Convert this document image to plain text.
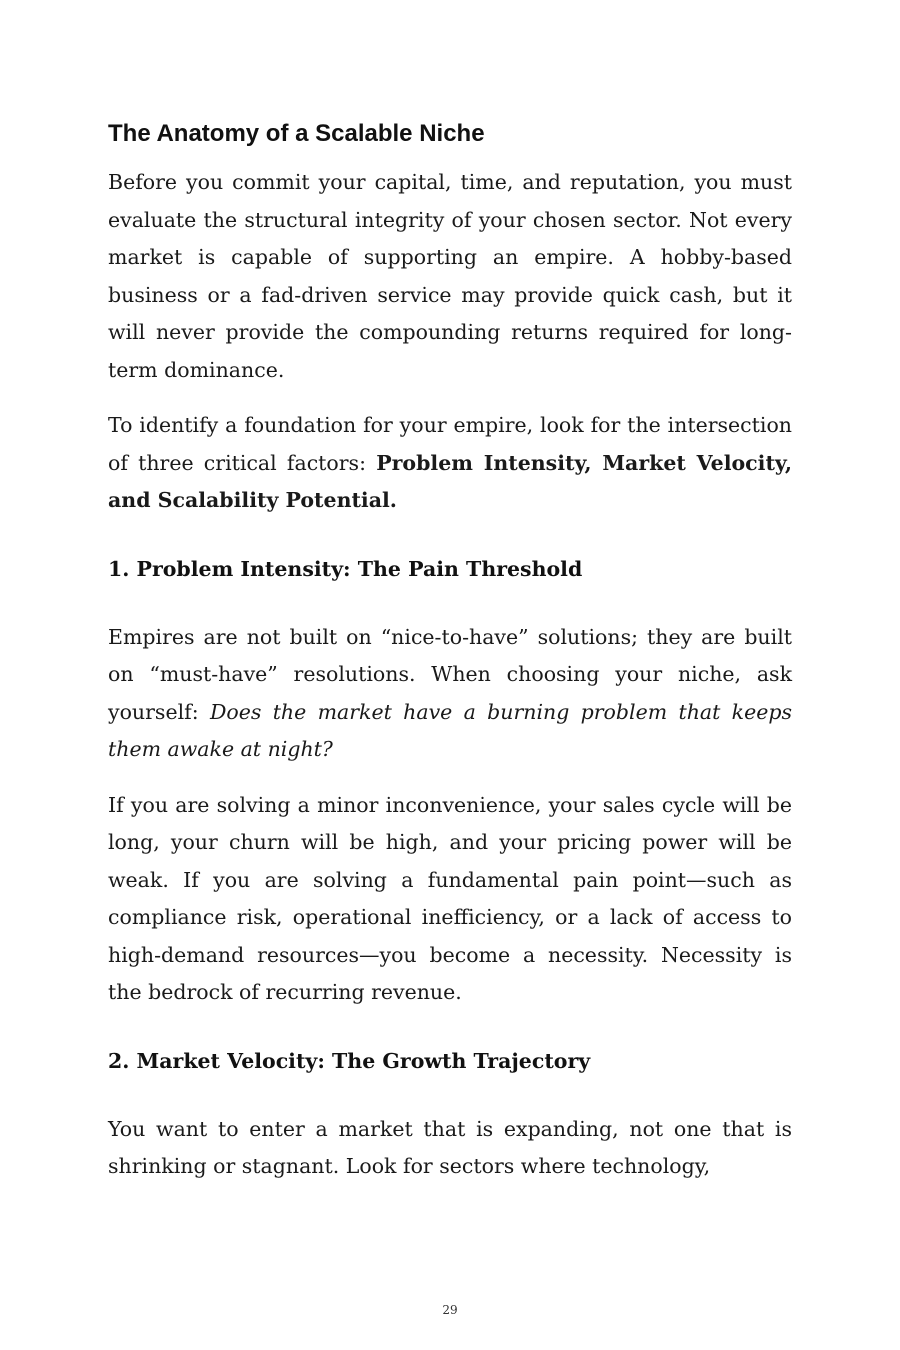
The Anatomy of a Scalable Niche

Before you commit your capital, time, and reputation, you must evaluate the structural integrity of your chosen sector. Not every market is capable of supporting an empire. A hobby-based business or a fad-driven service may provide quick cash, but it will never provide the compounding returns required for long-term dominance.

To identify a foundation for your empire, look for the intersection of three critical factors: Problem Intensity, Market Velocity, and Scalability Potential.

1. Problem Intensity: The Pain Threshold

Empires are not built on “nice-to-have” solutions; they are built on “must-have” resolutions. When choosing your niche, ask yourself: Does the market have a burning problem that keeps them awake at night?

If you are solving a minor inconvenience, your sales cycle will be long, your churn will be high, and your pricing power will be weak. If you are solving a fundamental pain point—such as compliance risk, operational inefficiency, or a lack of access to high-demand resources—you become a necessity. Necessity is the bedrock of recurring revenue.

2. Market Velocity: The Growth Trajectory

You want to enter a market that is expanding, not one that is shrinking or stagnant. Look for sectors where technology,

29
